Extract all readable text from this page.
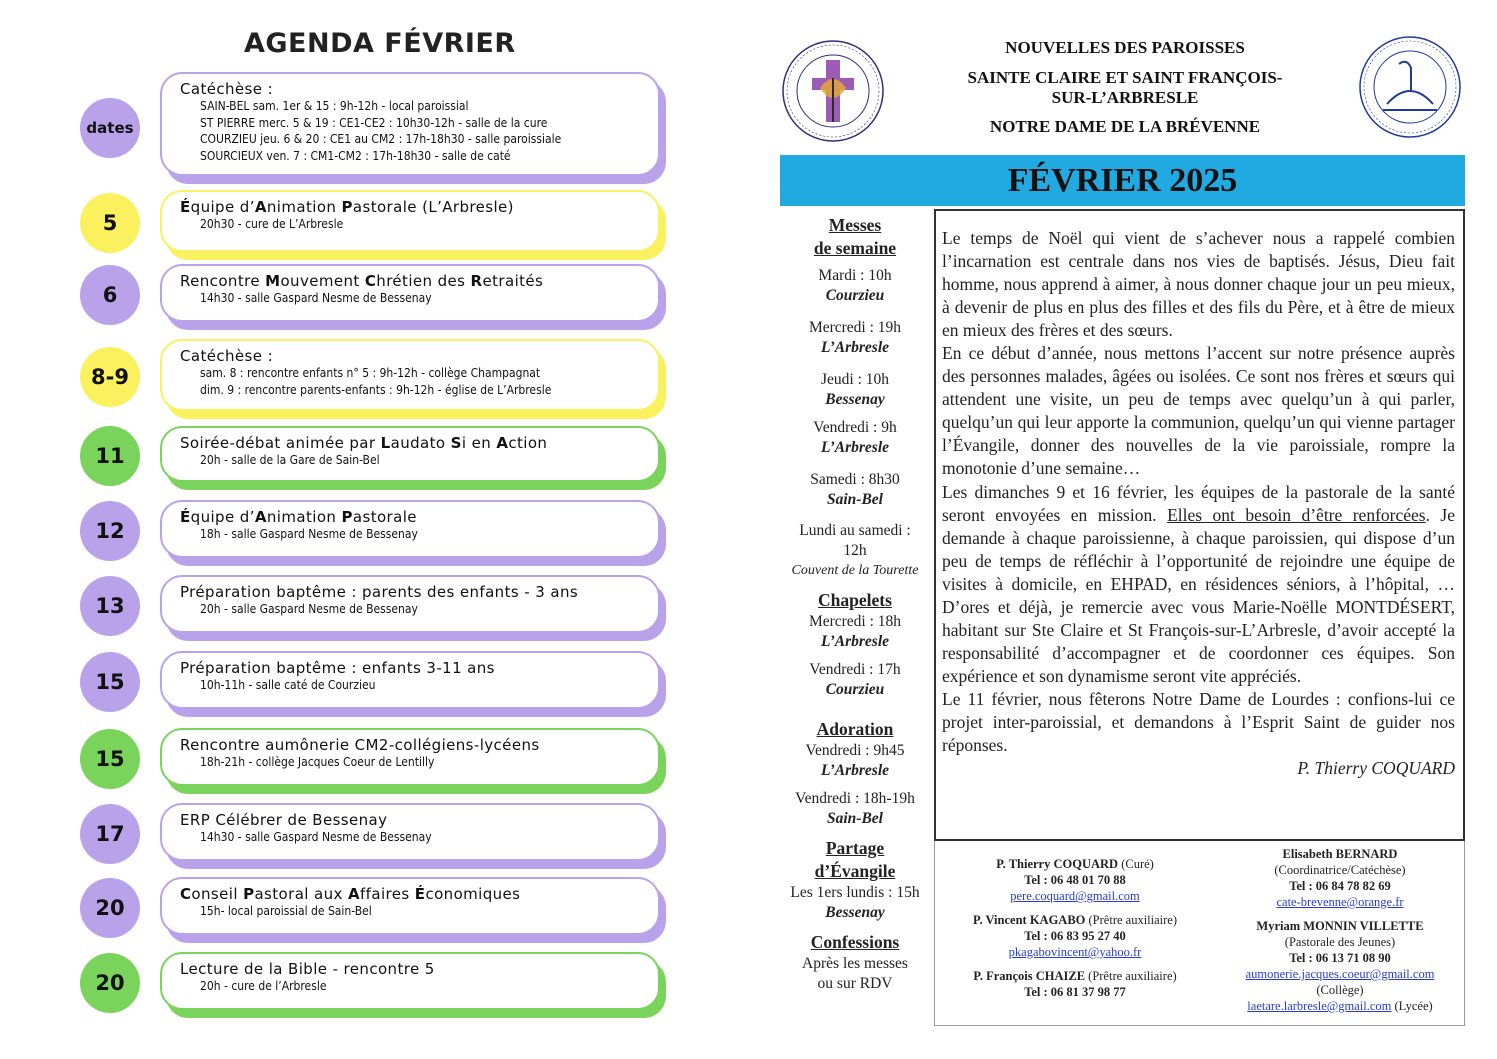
AGENDA FÉVRIER
dates
Catéchèse :
SAIN-BEL sam. 1er & 15 : 9h-12h - local paroissial
ST PIERRE merc. 5 & 19 : CE1-CE2 : 10h30-12h - salle de la cure
COURZIEU jeu. 6 & 20 : CE1 au CM2 : 17h-18h30 - salle paroissiale
SOURCIEUX ven. 7 : CM1-CM2 : 17h-18h30 - salle de caté
5
Équipe d’Animation Pastorale (L’Arbresle)
20h30 - cure de L’Arbresle
6
Rencontre Mouvement Chrétien des Retraités
14h30 - salle Gaspard Nesme de Bessenay
8-9
Catéchèse :
sam. 8 : rencontre enfants n° 5 : 9h-12h - collège Champagnat
dim. 9 : rencontre parents-enfants : 9h-12h - église de L’Arbresle
11
Soirée-débat animée par Laudato Si en Action
20h - salle de la Gare de Sain-Bel
12
Équipe d’Animation Pastorale
18h - salle Gaspard Nesme de Bessenay
13
Préparation baptême : parents des enfants - 3 ans
20h - salle Gaspard Nesme de Bessenay
15
Préparation baptême : enfants 3-11 ans
10h-11h - salle caté de Courzieu
15
Rencontre aumônerie CM2-collégiens-lycéens
18h-21h - collège Jacques Coeur de Lentilly
17
ERP Célébrer de Bessenay
14h30 - salle Gaspard Nesme de Bessenay
20
Conseil Pastoral aux Affaires Économiques
15h- local paroissial de Sain-Bel
20
Lecture de la Bible - rencontre 5
20h - cure de l’Arbresle
NOUVELLES DES PAROISSES
SAINTE CLAIRE ET SAINT FRANÇOIS-
SUR-L’ARBRESLE
NOTRE DAME DE LA BRÉVENNE
FÉVRIER 2025
Messes
de semaine
Mardi : 10h
Courzieu
Mercredi : 19h
L’Arbresle
Jeudi : 10h
Bessenay
Vendredi : 9h
L’Arbresle
Samedi : 8h30
Sain-Bel
Lundi au samedi :
12h
Couvent de la Tourette
Chapelets
Mercredi : 18h
L’Arbresle
Vendredi : 17h
Courzieu
Adoration
Vendredi : 9h45
L’Arbresle
Vendredi : 18h-19h
Sain-Bel
Partage
d’Évangile
Les 1ers lundis : 15h
Bessenay
Confessions
Après les messes
ou sur RDV

Le temps de Noël qui vient de s’achever nous a rappelé combien l’incarnation est centrale dans nos vies de baptisés. Jésus, Dieu fait homme, nous apprend à aimer, à nous donner chaque jour un peu mieux, à devenir de plus en plus des filles et des fils du Père, et à être de mieux en mieux des frères et des sœurs.

En ce début d’année, nous mettons l’accent sur notre présence auprès des personnes malades, âgées ou isolées. Ce sont nos frères et sœurs qui attendent une visite, un peu de temps avec quelqu’un à qui parler, quelqu’un qui leur apporte la communion, quelqu’un qui vienne partager l’Évangile, donner des nouvelles de la vie paroissiale, rompre la monotonie d’une semaine…

Les dimanches 9 et 16 février, les équipes de la pastorale de la santé seront envoyées en mission. Elles ont besoin d’être renforcées. Je demande à chaque paroissienne, à chaque paroissien, qui dispose d’un peu de temps de réfléchir à l’opportunité de rejoindre une équipe de visites à domicile, en EHPAD, en résidences séniors, à l’hôpital, … D’ores et déjà, je remercie avec vous Marie-Noëlle MONTDÉSERT, habitant sur Ste Claire et St François-sur-L’Arbresle, d’avoir accepté la responsabilité d’accompagner et de coordonner ces équipes. Son expérience et son dynamisme seront vite appréciés.

Le 11 février, nous fêterons Notre Dame de Lourdes : confions-lui ce projet inter-paroissial, et demandons à l’Esprit Saint de guider nos réponses.

P. Thierry COQUARD

P. Thierry COQUARD (Curé)
Tel : 06 48 01 70 88
pere.coquard@gmail.com
P. Vincent KAGABO (Prêtre auxiliaire)
Tel : 06 83 95 27 40
pkagabovincent@yahoo.fr
P. François CHAIZE (Prêtre auxiliaire)
Tel : 06 81 37 98 77
Elisabeth BERNARD
(Coordinatrice/Catéchèse)
Tel : 06 84 78 82 69
cate-brevenne@orange.fr
Myriam MONNIN VILLETTE
(Pastorale des Jeunes)
Tel : 06 13 71 08 90
aumonerie.jacques.coeur@gmail.com
(Collège)
laetare.larbresle@gmail.com (Lycée)
